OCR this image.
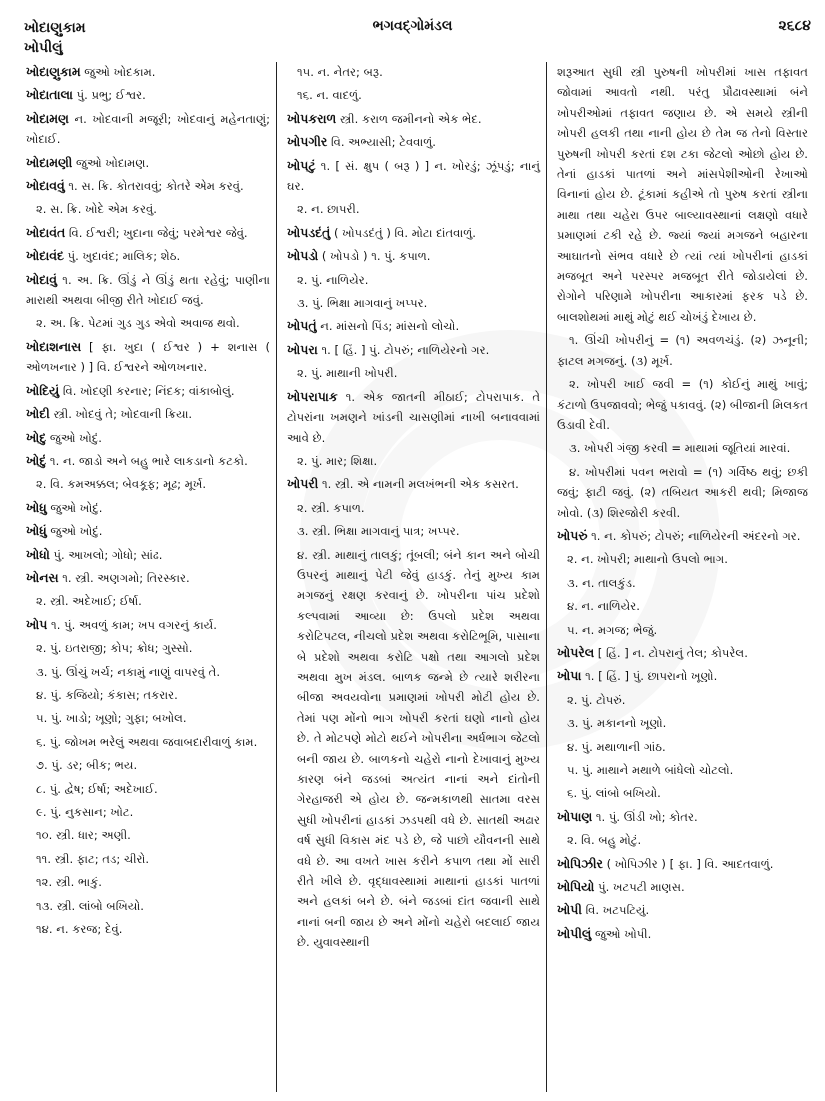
ખોદાણુકામ
ખોપીલું
ભગવદ્ગોમંડલ	૨૬૮૪

ખોદાણુકામ જુઓ ખોદકામ.

ખોદાતાલા પું. પ્રભુ; ઈશ્વર.

ખોદામણ ન. ખોદવાની મજૂરી; ખોદવાનું મહેનતાણું; ખોદાઈ.

ખોદામણી જુઓ ખોદામણ.

ખોદાવવું ૧. સ. ક્રિ. કોતરાવવું; કોતરે એમ કરવું.

૨. સ. ક્રિ. ખોદે એમ કરવું.

ખોદાવંત વિ. ઈશ્વરી; ખુદાના જેવું; પરમેશ્વર જેવું.

ખોદાવંદ પું. ખુદાવંદ; માલિક; શેઠ.

ખોદાવું ૧. અ. ક્રિ. ઊંડું ને ઊંડું થતા રહેવું; પાણીના મારાથી અથવા બીજી રીતે ખોદાઈ જવું.

૨. અ. ક્રિ. પેટમાં ગુડ ગુડ એવો અવાજ થવો.

ખોદાશનાસ [ ફા. ખુદા ( ઈશ્વર ) + શનાસ ( ઓળખનાર ) ] વિ. ઈશ્વરને ઓળખનાર.

ખોદિયું વિ. ખોદણી કરનાર; નિંદક; વાંકાબોલું.

ખોદી સ્ત્રી. ખોદવું તે; ખોદવાની ક્રિયા.

ખોદુ જુઓ ખોદું.

ખોદું ૧. ન. જાડો અને બહુ ભારે લાકડાનો કટકો.

૨. વિ. કમઅક્કલ; બેવકૂફ; મૂઢ; મૂર્ખ.

ખોધુ જુઓ ખોદું.

ખોધું જુઓ ખોદું.

ખોધો પું. આખલો; ગોધો; સાંઢ.

ખોનસ ૧. સ્ત્રી. અણગમો; તિરસ્કાર.

૨. સ્ત્રી. અદેખાઈ; ઈર્ષા.

ખોપ ૧. પું. અવળું કામ; ખપ વગરનું કાર્ય.

૨. પું. ઇતરાજી; કોપ; ક્રોધ; ગુસ્સો.

૩. પું. ઊંચું ખર્ચ; નકામું નાણું વાપરવું તે.

૪. પું. કજિયો; કંકાસ; તકરાર.

૫. પું. ખાડો; ખૂણો; ગુફા; બખોલ.

૬. પું. જોખમ ભરેલું અથવા જવાબદારીવાળું કામ.

૭. પું. ડર; બીક; ભય.

૮. પું. દ્વેષ; ઈર્ષા; અદેખાઈ.

૯. પું. નુકસાન; ખોટ.

૧૦. સ્ત્રી. ધાર; અણી.

૧૧. સ્ત્રી. ફાટ; તડ; ચીરો.

૧૨. સ્ત્રી. ભાકું.

૧૩. સ્ત્રી. લાંબો બખિયો.

૧૪. ન. કરજ; દેવું.

૧૫. ન. નેતર; બરૂ.

૧૬. ન. વાદળું.

ખોપકરાળ સ્ત્રી. કરાળ જમીનનો એક ભેદ.

ખોપગીર વિ. અભ્યાસી; ટેવવાળું.

ખોપટું ૧. [ સં. ક્ષુપ ( બરૂ ) ] ન. ખોરડું; ઝૂંપડું; નાનું ઘર.

૨. ન. છાપરી.

ખોપડદંતું ( ખોપડદંતું ) વિ. મોટા દાંતવાળું.

ખોપડો ( ખોપડો ) ૧. પું. કપાળ.

૨. પું. નાળિયેર.

૩. પું. ભિક્ષા માગવાનું ખપ્પર.

ખોપતું ન. માંસનો પિંડ; માંસનો લોચો.

ખોપરા ૧. [ હિં. ] પું. ટોપરું; નાળિયેરનો ગર.

૨. પું. માથાની ખોપરી.

ખોપરાપાક ૧. એક જાતની મીઠાઈ; ટોપરાપાક. તે ટોપરાંના ખમણને ખાંડની ચાસણીમાં નાખી બનાવવામાં આવે છે.

૨. પું. માર; શિક્ષા.

ખોપરી ૧. સ્ત્રી. એ નામની મલખંભની એક કસરત.

૨. સ્ત્રી. કપાળ.

૩. સ્ત્રી. ભિક્ષા માગવાનું પાત્ર; ખપ્પર.

૪. સ્ત્રી. માથાનું તાલકું; તૂંબલી; બંને કાન અને બોચી ઉપરનું માથાનું પેટી જેવું હાડકું. તેનું મુખ્ય કામ મગજનું રક્ષણ કરવાનું છે. ખોપરીના પાંચ પ્રદેશો કલ્પવામાં આવ્યા છે: ઉપલો પ્રદેશ અથવા કરોટિપટલ, નીચલો પ્રદેશ અથવા કરોટિભૂમિ, પાસાના બે પ્રદેશો અથવા કરોટિ પક્ષો તથા આગલો પ્રદેશ અથવા મુખ મંડલ. બાળક જન્મે છે ત્યારે શરીરના બીજા અવયવોના પ્રમાણમાં ખોપરી મોટી હોય છે. તેમાં પણ મોંનો ભાગ ખોપરી કરતાં ઘણો નાનો હોય છે. તે મોટપણે મોટો થઈને ખોપરીના અર્ધભાગ જેટલો બની જાય છે. બાળકનો ચહેરો નાનો દેખાવાનું મુખ્ય કારણ બંને જડબાં અત્યંત નાનાં અને દાંતોની ગેરહાજરી એ હોય છે. જન્મકાળથી સાતમા વરસ સુધી ખોપરીનાં હાડકાં ઝડપથી વધે છે. સાતથી અઢાર વર્ષ સુધી વિકાસ મંદ પડે છે, જે પાછો યૌવનની સાથે વધે છે. આ વખતે ખાસ કરીને કપાળ તથા મોં સારી રીતે ખીલે છે. વૃદ્ધાવસ્થામાં માથાનાં હાડકાં પાતળાં અને હલકાં બને છે. બંને જડબાં દાંત જવાની સાથે નાનાં બની જાય છે અને મોંનો ચહેરો બદલાઈ જાય છે. યુવાવસ્થાની

શરૂઆત સુધી સ્ત્રી પુરુષની ખોપરીમાં ખાસ તફાવત જોવામાં આવતો નથી. પરંતુ પ્રૌઢાવસ્થામાં બંને ખોપરીઓમાં તફાવત જણાય છે. એ સમયે સ્ત્રીની ખોપરી હલકી તથા નાની હોય છે તેમ જ તેનો વિસ્તાર પુરુષની ખોપરી કરતાં દશ ટકા જેટલો ઓછો હોય છે. તેનાં હાડકાં પાતળાં અને માંસપેશીઓની રેખાઓ વિનાનાં હોય છે. ટૂંકામાં કહીએ તો પુરુષ કરતાં સ્ત્રીના માથા તથા ચહેરા ઉપર બાલ્યાવસ્થાનાં લક્ષણો વધારે પ્રમાણમાં ટકી રહે છે. જ્યાં જ્યાં મગજને બહારના આઘાતનો સંભવ વધારે છે ત્યાં ત્યાં ખોપરીનાં હાડકાં મજબૂત અને પરસ્પર મજબૂત રીતે જોડાયેલાં છે. રોગોને પરિણામે ખોપરીના આકારમાં ફરક પડે છે. બાલશોથમાં માથું મોટું થઈ ચોખંડું દેખાય છે.

૧. ઊંચી ખોપરીનું = (૧) અવળચંડું. (૨) ઝનૂની; ફાટલ મગજનું. (૩) મૂર્ખ.

૨. ખોપરી ખાઈ જવી = (૧) કોઈનું માથું ખાવું; કંટાળો ઉપજાવવો; ભેજું પકાવવું. (૨) બીજાની મિલકત ઉડાવી દેવી.

૩. ખોપરી ગંજી કરવી = માથામાં જૂતિયાં મારવાં.

૪. ખોપરીમાં પવન ભરાવો = (૧) ગર્વિષ્ઠ થવું; છકી જવું; ફાટી જવું. (૨) તબિયત આકરી થવી; મિજાજ ખોવો. (૩) શિરજોરી કરવી.

ખોપરું ૧. ન. કોપરું; ટોપરું; નાળિયેરની અંદરનો ગર.

૨. ન. ખોપરી; માથાનો ઉપલો ભાગ.

૩. ન. તાલકુંડ.

૪. ન. નાળિયેર.

૫. ન. મગજ; ભેજું.

ખોપરેલ [ હિં. ] ન. ટોપરાનું તેલ; કોપરેલ.

ખોપા ૧. [ હિં. ] પું. છાપરાનો ખૂણો.

૨. પું. ટોપરું.

૩. પું. મકાનનો ખૂણો.

૪. પું. મથાળાની ગાંઠ.

૫. પું. માથાને મથાળે બાંધેલો ચોટલો.

૬. પું. લાંબો બખિયો.

ખોપાણ ૧. પું. ઊંડી ખો; કોતર.

૨. વિ. બહુ મોટું.

ખોપિઝીર ( ખોપિઝીર ) [ ફા. ] વિ. આદતવાળું.

ખોપિયો પું. ખટપટી માણસ.

ખોપી વિ. ખટપટિયું.

ખોપીલું જુઓ ખોપી.
